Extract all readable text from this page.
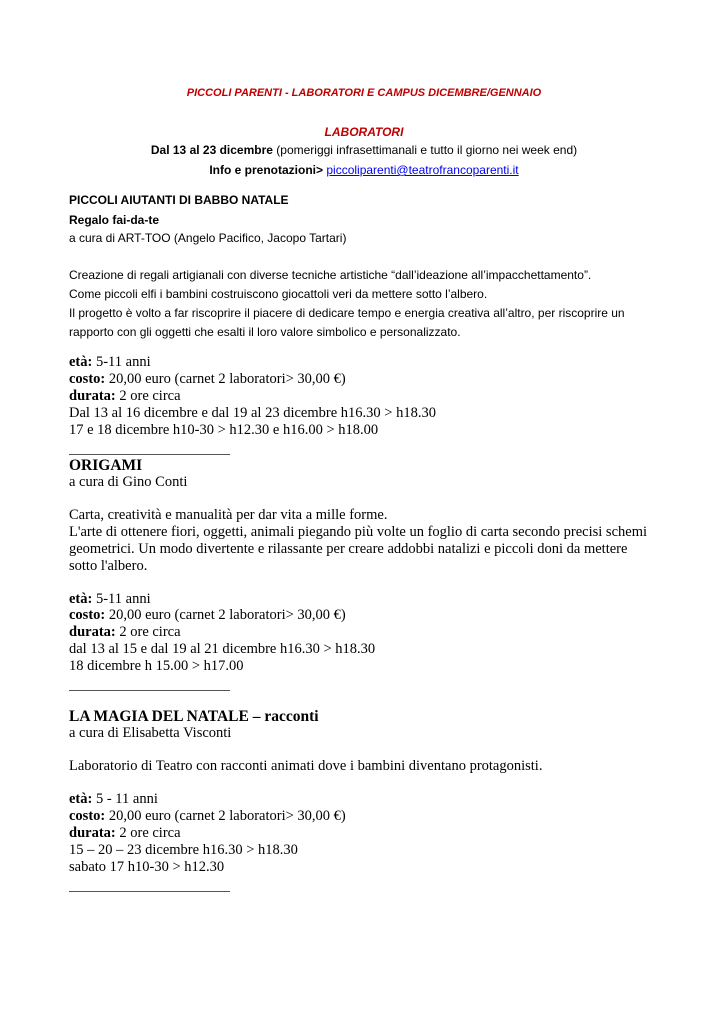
PICCOLI PARENTI - LABORATORI E CAMPUS DICEMBRE/GENNAIO
LABORATORI
Dal 13 al 23 dicembre (pomeriggi infrasettimanali e tutto il giorno nei week end)
Info e prenotazioni> piccoliparenti@teatrofrancoparenti.it
PICCOLI AIUTANTI DI BABBO NATALE
Regalo fai-da-te
a cura di ART-TOO (Angelo Pacifico, Jacopo Tartari)
Creazione di regali artigianali con diverse tecniche artistiche “dall’ideazione all’impacchettamento”.
Come piccoli elfi i bambini costruiscono giocattoli veri da mettere sotto l’albero.
Il progetto è volto a far riscoprire il piacere di dedicare tempo e energia creativa all’altro, per riscoprire un
rapporto con gli oggetti che esalti il loro valore simbolico e personalizzato.
età: 5-11 anni
costo: 20,00 euro (carnet 2 laboratori> 30,00 €)
durata: 2 ore circa
Dal 13 al 16 dicembre e dal 19 al 23 dicembre h16.30 > h18.30
17 e 18 dicembre h10-30 > h12.30 e h16.00 > h18.00
ORIGAMI
a cura di Gino Conti
Carta, creatività e manualità per dar vita a mille forme.
L'arte di ottenere fiori, oggetti, animali piegando più volte un foglio di carta secondo precisi schemi
geometrici. Un modo divertente e rilassante per creare addobbi natalizi e piccoli doni da mettere
sotto l'albero.
età: 5-11 anni
costo: 20,00 euro (carnet 2 laboratori> 30,00 €)
durata: 2 ore circa
dal 13 al 15 e dal 19 al 21 dicembre h16.30 > h18.30
18 dicembre h 15.00 > h17.00
LA MAGIA DEL NATALE – racconti
a cura di Elisabetta Visconti
Laboratorio di Teatro con racconti animati dove i bambini diventano protagonisti.
età: 5 - 11 anni
costo: 20,00 euro (carnet 2 laboratori> 30,00 €)
durata: 2 ore circa
15 – 20 – 23 dicembre h16.30 > h18.30
sabato 17 h10-30 > h12.30
